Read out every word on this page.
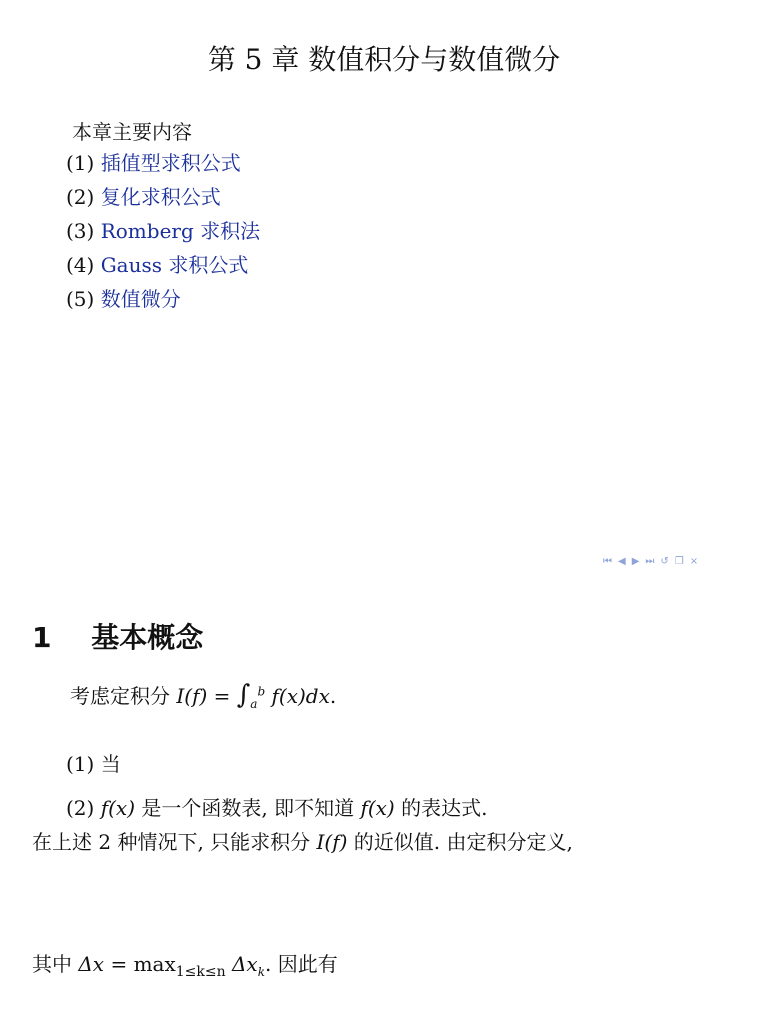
第 5 章 数值积分与数值微分
本章主要内容
(1) 插值型求积公式
(2) 复化求积公式
(3) Romberg 求积法
(4) Gauss 求积公式
(5) 数值微分
⏮ ◀ ▶ ⏭ ↺ ❐ ×
1 基本概念
考虑定积分 $I(f) = \int_a^b$ f(x)dx.
(1) 当
(2) f(x) 是一个函数表, 即不知道 f(x) 的表达式.
在上述 2 种情况下, 只能求积分 I(f) 的近似值. 由定积分定义,
其中 $\Delta x = \max_{1\le k\le n} \Delta x_k$. 因此有
